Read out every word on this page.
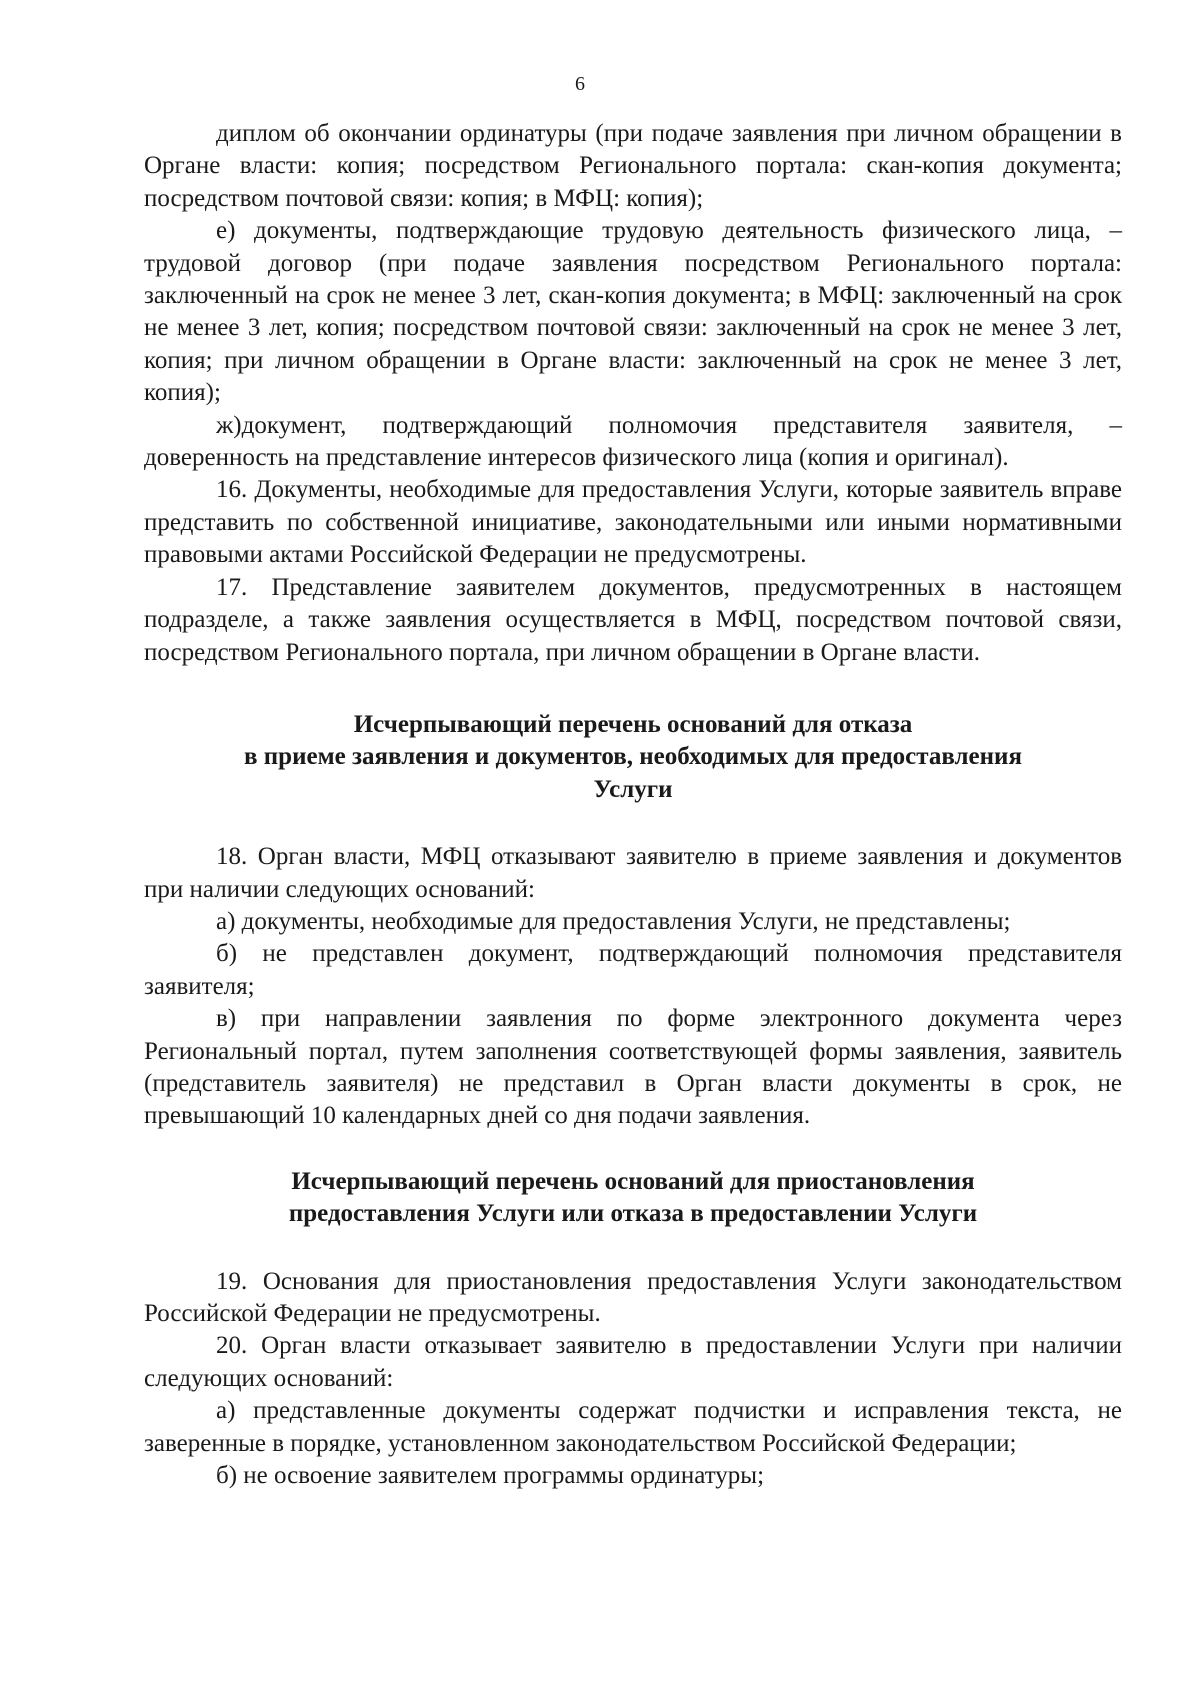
6

диплом об окончании ординатуры (при подаче заявления при личном обращении в Органе власти: копия; посредством Регионального портала: скан-копия документа; посредством почтовой связи: копия; в МФЦ: копия);

е) документы, подтверждающие трудовую деятельность физического лица, – трудовой договор (при подаче заявления посредством Регионального портала: заключенный на срок не менее 3 лет, скан-копия документа; в МФЦ: заключенный на срок не менее 3 лет, копия; посредством почтовой связи: заключенный на срок не менее 3 лет, копия; при личном обращении в Органе власти: заключенный на срок не менее 3 лет, копия);

ж)документ, подтверждающий полномочия представителя заявителя, – доверенность на представление интересов физического лица (копия и оригинал).

16. Документы, необходимые для предоставления Услуги, которые заявитель вправе представить по собственной инициативе, законодательными или иными нормативными правовыми актами Российской Федерации не предусмотрены.

17. Представление заявителем документов, предусмотренных в настоящем подразделе, а также заявления осуществляется в МФЦ, посредством почтовой связи, посредством Регионального портала, при личном обращении в Органе власти.

Исчерпывающий перечень оснований для отказа
в приеме заявления и документов, необходимых для предоставления
Услуги

18. Орган власти, МФЦ отказывают заявителю в приеме заявления и документов при наличии следующих оснований:

а) документы, необходимые для предоставления Услуги, не представлены;

б) не представлен документ, подтверждающий полномочия представителя заявителя;

в) при направлении заявления по форме электронного документа через Региональный портал, путем заполнения соответствующей формы заявления, заявитель (представитель заявителя) не представил в Орган власти документы в срок, не превышающий 10 календарных дней со дня подачи заявления.

Исчерпывающий перечень оснований для приостановления
предоставления Услуги или отказа в предоставлении Услуги

19. Основания для приостановления предоставления Услуги законодательством Российской Федерации не предусмотрены.

20. Орган власти отказывает заявителю в предоставлении Услуги при наличии следующих оснований:

а) представленные документы содержат подчистки и исправления текста, не заверенные в порядке, установленном законодательством Российской Федерации;

б) не освоение заявителем программы ординатуры;
